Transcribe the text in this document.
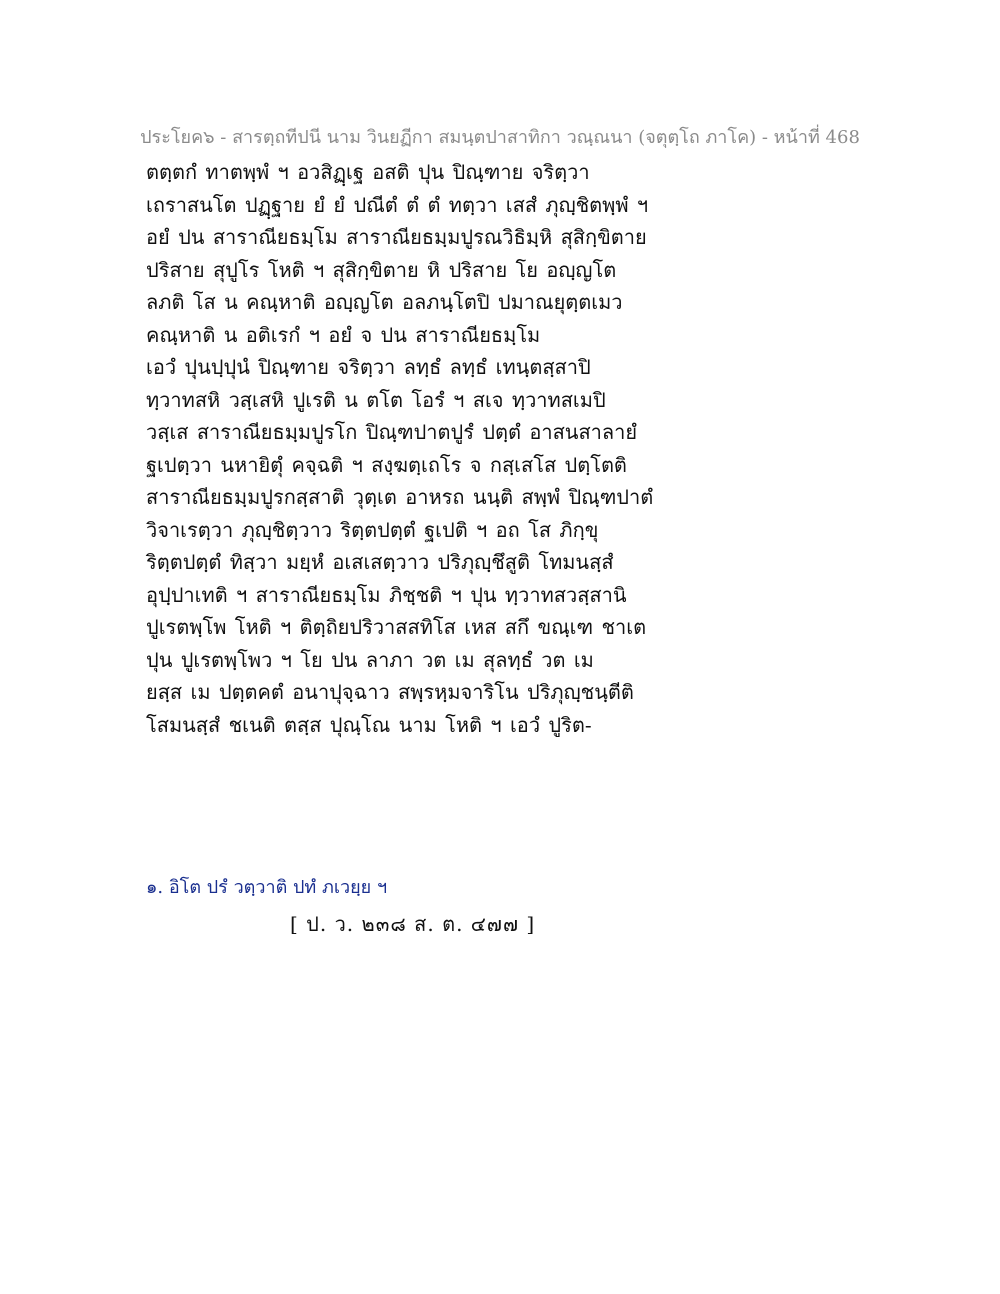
ประโยค๖ - สารตฺถทีปนี นาม วินยฏีกา สมนฺตปาสาทิกา วณฺณนา (จตุตฺโถ ภาโค) - หน้าที่ 468
ตตฺตกํ ทาตพฺพํ ฯ อวสิฏฺเฐ อสติ ปุน ปิณฺฑาย จริตฺวา
เถราสนโต ปฏฺฐาย ยํ ยํ ปณีตํ ตํ ตํ ทตฺวา เสสํ ภุญฺชิตพฺพํ ฯ
อยํ ปน สาราณียธมฺโม สาราณียธมฺมปูรณวิธิมฺหิ สุสิกฺขิตาย
ปริสาย สุปูโร โหติ ฯ สุสิกฺขิตาย หิ ปริสาย โย อญฺญโต
ลภติ โส น คณฺหาติ อญฺญโต อลภนฺโตปิ ปมาณยุตฺตเมว
คณฺหาติ น อติเรกํ ฯ อยํ จ ปน สาราณียธมฺโม
เอวํ ปุนปฺปุนํ ปิณฺฑาย จริตฺวา ลทฺธํ ลทฺธํ เทนฺตสฺสาปิ
ทฺวาทสหิ วสฺเสหิ ปูเรติ น ตโต โอรํ ฯ สเจ ทฺวาทสเมปิ
วสฺเส สาราณียธมฺมปูรโก ปิณฺฑปาตปูรํ ปตฺตํ อาสนสาลายํ
ฐเปตฺวา นหายิตุํ คจฺฉติ ฯ สงฺฆตฺเถโร จ กสฺเสโส ปตฺโตติ
สาราณียธมฺมปูรกสฺสาติ วุตฺเต อาหรถ นนฺติ สพฺพํ ปิณฺฑปาตํ
วิจาเรตฺวา ภุญฺชิตฺวาว ริตฺตปตฺตํ ฐเปติ ฯ อถ โส ภิกฺขุ
ริตฺตปตฺตํ ทิสฺวา มยฺหํ อเสเสตฺวาว ปริภุญฺชึสูติ โทมนสฺสํ
อุปฺปาเทติ ฯ สาราณียธมฺโม ภิชฺชติ ฯ ปุน ทฺวาทสวสฺสานิ
ปูเรตพฺโพ โหติ ฯ ติตฺถิยปริวาสสทิโส เหส สกึ ขณฺเฑ ชาเต
ปุน ปูเรตพฺโพว ฯ โย ปน ลาภา วต เม สุลทฺธํ วต เม
ยสฺส เม ปตฺตคตํ อนาปุจฺฉาว สพฺรหฺมจาริโน ปริภุญฺชนฺตีติ
โสมนสฺสํ ชเนติ ตสฺส ปุณฺโณ นาม โหติ ฯ เอวํ ปูริต-
๑. อิโต ปรํ วตฺวาติ ปทํ ภเวยฺย ฯ
[ ป. ว. ๒๓๘ ส. ต. ๔๗๗ ]
